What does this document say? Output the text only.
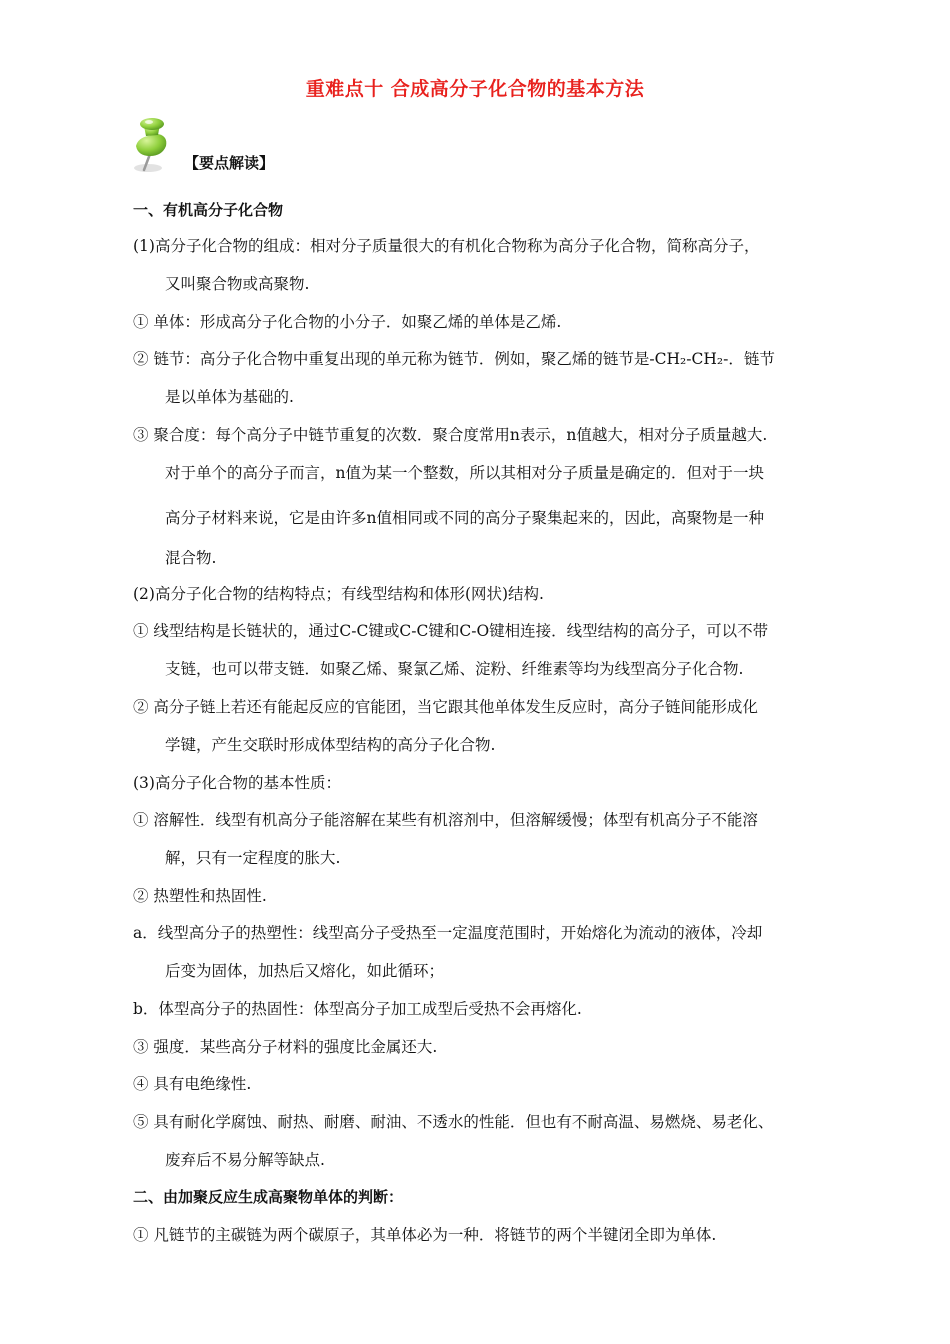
重难点十 合成高分子化合物的基本方法
【要点解读】
一、有机高分子化合物
(1)高分子化合物的组成：相对分子质量很大的有机化合物称为高分子化合物，简称高分子，
又叫聚合物或高聚物.
① 单体：形成高分子化合物的小分子．如聚乙烯的单体是乙烯.
② 链节：高分子化合物中重复出现的单元称为链节．例如，聚乙烯的链节是-CH₂-CH₂-．链节
是以单体为基础的.
③ 聚合度：每个高分子中链节重复的次数．聚合度常用n表示，n值越大，相对分子质量越大.
对于单个的高分子而言，n值为某一个整数，所以其相对分子质量是确定的．但对于一块
高分子材料来说，它是由许多n值相同或不同的高分子聚集起来的，因此，高聚物是一种
混合物.
(2)高分子化合物的结构特点；有线型结构和体形(网状)结构.
① 线型结构是长链状的，通过C-C键或C-C键和C-O键相连接．线型结构的高分子，可以不带
支链，也可以带支链．如聚乙烯、聚氯乙烯、淀粉、纤维素等均为线型高分子化合物.
② 高分子链上若还有能起反应的官能团，当它跟其他单体发生反应时，高分子链间能形成化
学键，产生交联时形成体型结构的高分子化合物.
(3)高分子化合物的基本性质：
① 溶解性．线型有机高分子能溶解在某些有机溶剂中，但溶解缓慢；体型有机高分子不能溶
解，只有一定程度的胀大.
② 热塑性和热固性.
a．线型高分子的热塑性：线型高分子受热至一定温度范围时，开始熔化为流动的液体，冷却
后变为固体，加热后又熔化，如此循环；
b．体型高分子的热固性：体型高分子加工成型后受热不会再熔化.
③ 强度．某些高分子材料的强度比金属还大.
④ 具有电绝缘性.
⑤ 具有耐化学腐蚀、耐热、耐磨、耐油、不透水的性能．但也有不耐高温、易燃烧、易老化、
废弃后不易分解等缺点.
二、由加聚反应生成高聚物单体的判断：
① 凡链节的主碳链为两个碳原子，其单体必为一种．将链节的两个半键闭全即为单体.
